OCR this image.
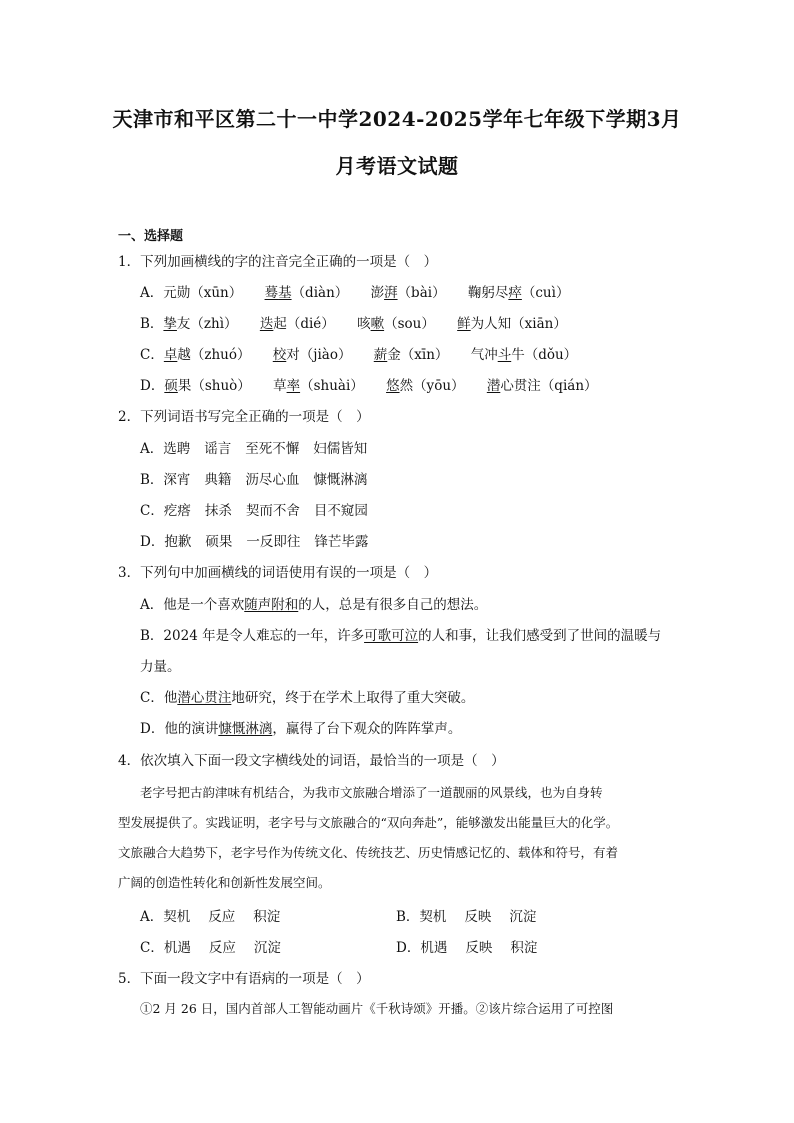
天津市和平区第二十一中学2024-2025学年七年级下学期3月
月考语文试题
一、选择题
1．下列加画横线的字的注音完全正确的一项是（　）
A．元勋（xūn） 蓦基（diàn） 澎湃（bài） 鞠躬尽瘁（cuì）
B．挚友（zhì） 迭起（dié） 咳嗽（sou） 鲜为人知（xiān）
C．卓越（zhuó） 校对（jiào） 薪金（xīn） 气冲斗牛（dǒu）
D．硕果（shuò） 草率（shuài） 悠然（yōu） 潜心贯注（qián）
2．下列词语书写完全正确的一项是（　）
A．选聘 谣言 至死不懈 妇儒皆知
B．深宵 典籍 沥尽心血 慷慨淋漓
C．疙瘩 抹杀 契而不舍 目不窥园
D．抱歉 硕果 一反即往 锋芒毕露
3．下列句中加画横线的词语使用有误的一项是（　）
A．他是一个喜欢随声附和的人，总是有很多自己的想法。
B．2024 年是令人难忘的一年，许多可歌可泣的人和事，让我们感受到了世间的温暖与
力量。
C．他潜心贯注地研究，终于在学术上取得了重大突破。
D．他的演讲慷慨淋漓，赢得了台下观众的阵阵掌声。
4．依次填入下面一段文字横线处的词语，最恰当的一项是（　）
老字号把古韵津味有机结合，为我市文旅融合增添了一道靓丽的风景线，也为自身转
型发展提供了。实践证明，老字号与文旅融合的“双向奔赴”，能够激发出能量巨大的化学。
文旅融合大趋势下，老字号作为传统文化、传统技艺、历史情感记忆的、载体和符号，有着
广阔的创造性转化和创新性发展空间。
A．契机 反应 积淀	B．契机 反映 沉淀
C．机遇 反应 沉淀	D．机遇 反映 积淀
5．下面一段文字中有语病的一项是（　）
①2 月 26 日，国内首部人工智能动画片《千秋诗颂》开播。②该片综合运用了可控图
